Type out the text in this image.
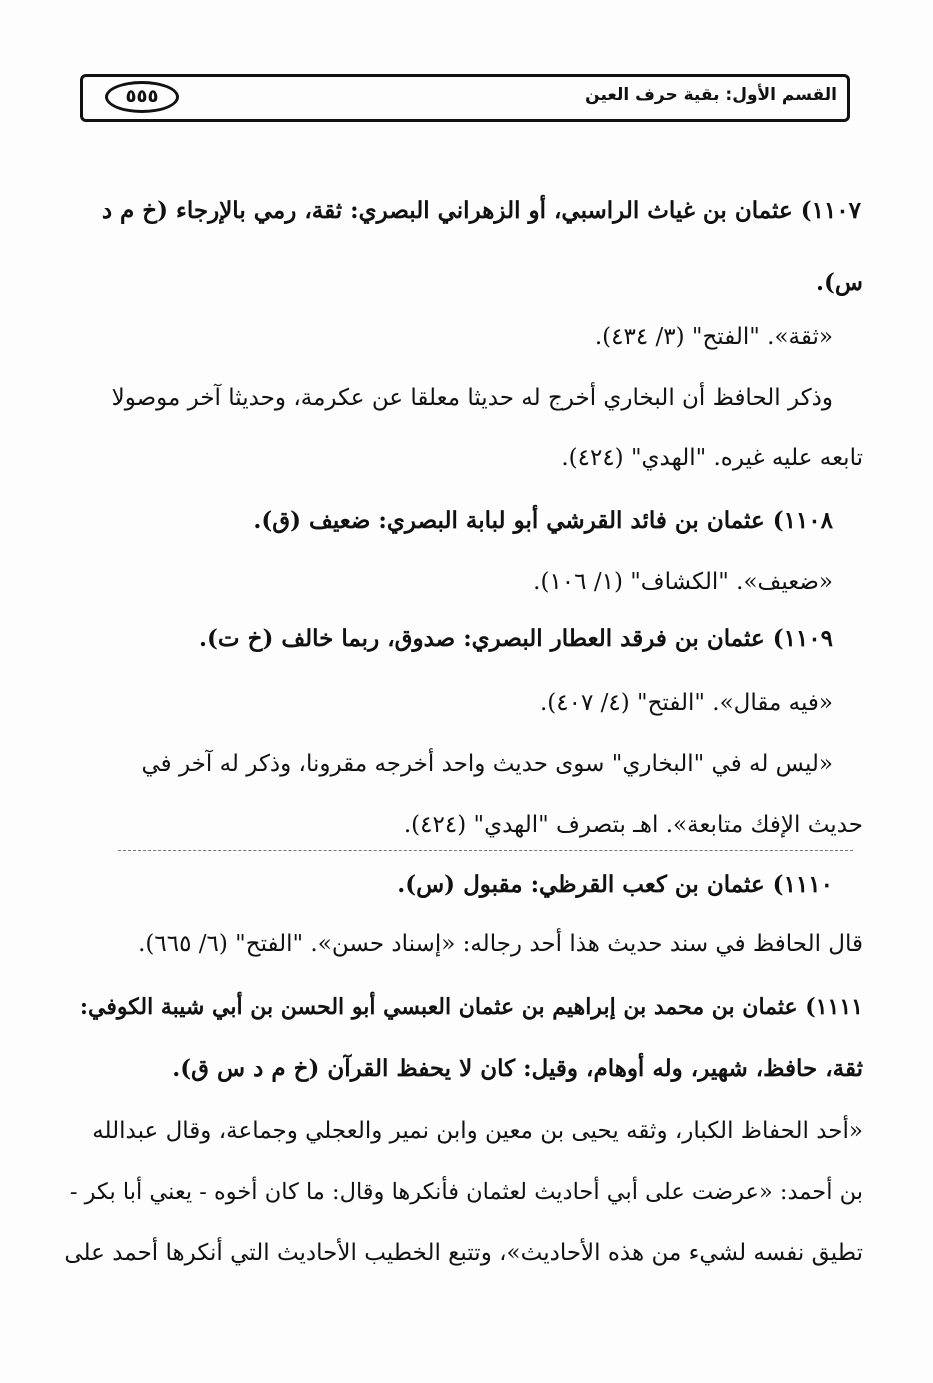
٥٥٥	القسم الأول: بقية حرف العين
١١٠٧) عثمان بن غياث الراسبي، أو الزهراني البصري: ثقة، رمي بالإرجاء (خ م د
س).
«ثقة». "الفتح" (٣/ ٤٣٤).
وذكر الحافظ أن البخاري أخرج له حديثا معلقا عن عكرمة، وحديثا آخر موصولا
تابعه عليه غيره. "الهدي" (٤٢٤).
١١٠٨) عثمان بن فائد القرشي أبو لبابة البصري: ضعيف (ق).
«ضعيف». "الكشاف" (١/ ١٠٦).
١١٠٩) عثمان بن فرقد العطار البصري: صدوق، ربما خالف (خ ت).
«فيه مقال». "الفتح" (٤/ ٤٠٧).
«ليس له في "البخاري" سوى حديث واحد أخرجه مقرونا، وذكر له آخر في
حديث الإفك متابعة». اهـ بتصرف "الهدي" (٤٢٤).
١١١٠) عثمان بن كعب القرظي: مقبول (س).
قال الحافظ في سند حديث هذا أحد رجاله: «إسناد حسن». "الفتح" (٦/ ٦٦٥).
١١١١) عثمان بن محمد بن إبراهيم بن عثمان العبسي أبو الحسن بن أبي شيبة الكوفي:
ثقة، حافظ، شهير، وله أوهام، وقيل: كان لا يحفظ القرآن (خ م د س ق).
«أحد الحفاظ الكبار، وثقه يحيى بن معين وابن نمير والعجلي وجماعة، وقال عبدالله
بن أحمد: «عرضت على أبي أحاديث لعثمان فأنكرها وقال: ما كان أخوه - يعني أبا بكر -
تطيق نفسه لشيء من هذه الأحاديث»، وتتبع الخطيب الأحاديث التي أنكرها أحمد على
